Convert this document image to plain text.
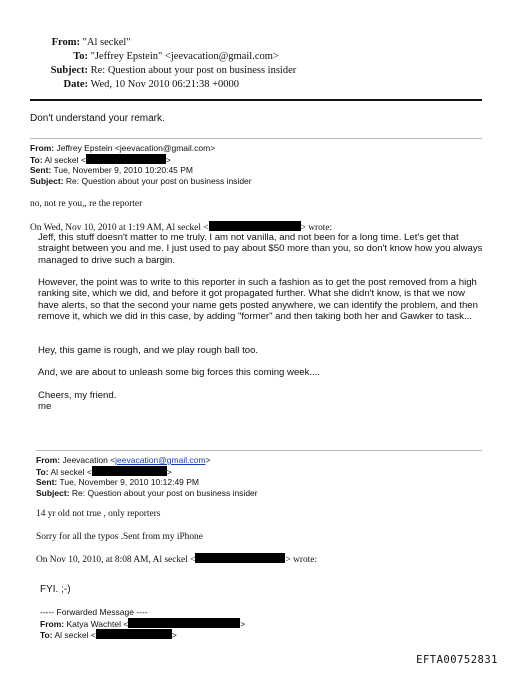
From: "Al seckel"
To: "Jeffrey Epstein" <jeevacation@gmail.com>
Subject: Re: Question about your post on business insider
Date: Wed, 10 Nov 2010 06:21:38 +0000
Don't understand your remark.
From: Jeffrey Epstein <jeevacation@gmail.com>
To: Al seckel <	>
Sent: Tue, November 9, 2010 10:20:45 PM
Subject: Re: Question about your post on business insider
no, not re you,, re the reporter
On Wed, Nov 10, 2010 at 1:19 AM, Al seckel <	> wrote:
Jeff, this stuff doesn't matter to me truly. I am not vanilla, and not been for a long time. Let's get that straight between you and me. I just used to pay about $50 more than you, so don't know how you always managed to drive such a bargin.
However, the point was to write to this reporter in such a fashion as to get the post removed from a high ranking site, which we did, and before it got propagated further. What she didn't know, is that we now have alerts, so that the second your name gets posted anywhere, we can identify the problem, and then remove it, which we did in this case, by adding "former" and then taking both her and Gawker to task...
Hey, this game is rough, and we play rough ball too.
And, we are about to unleash some big forces this coming week....
Cheers, my friend.
me
From: Jeevacation <jeevacation@gmail.com>
To: Al seckel <	>
Sent: Tue, November 9, 2010 10:12:49 PM
Subject: Re: Question about your post on business insider
14 yr old not true , only reporters
Sorry for all the typos .Sent from my iPhone
On Nov 10, 2010, at 8:08 AM, Al seckel <	> wrote:
FYI. ;-)
----- Forwarded Message ----
From: Katya Wachtel <	>
To: Al seckel <	>
EFTA00752831
